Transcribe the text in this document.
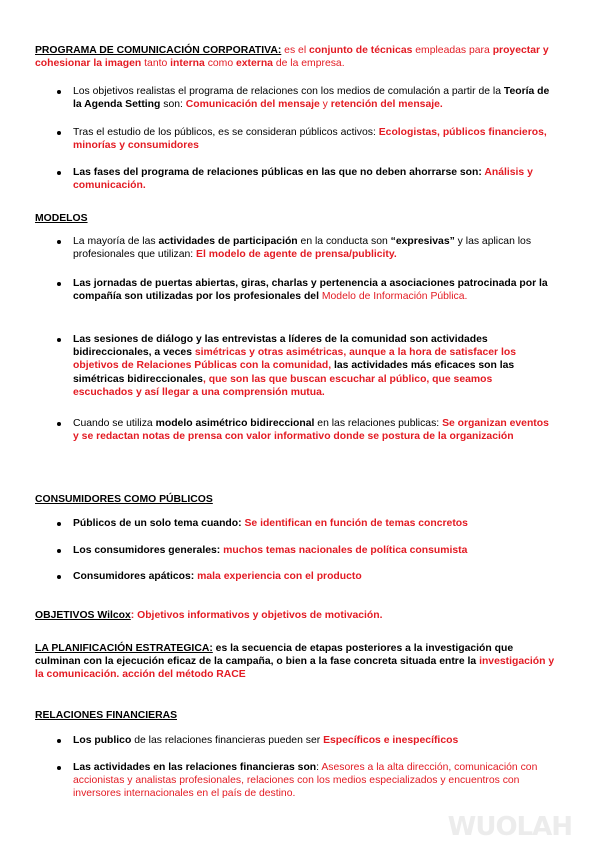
PROGRAMA DE COMUNICACIÓN CORPORATIVA: es el conjunto de técnicas empleadas para proyectar y cohesionar la imagen tanto interna como externa de la empresa.
Los objetivos realistas el programa de relaciones con los medios de comulación a partir de la Teoría de la Agenda Setting son: Comunicación del mensaje y retención del mensaje.
Tras el estudio de los públicos, es se consideran públicos activos: Ecologistas, públicos financieros, minorías y consumidores
Las fases del programa de relaciones públicas en las que no deben ahorrarse son: Análisis y comunicación.
MODELOS
La mayoría de las actividades de participación en la conducta son “expresivas” y las aplican los profesionales que utilizan: El modelo de agente de prensa/publicity.
Las jornadas de puertas abiertas, giras, charlas y pertenencia a asociaciones patrocinada por la compañía son utilizadas por los profesionales del Modelo de Información Pública.
Las sesiones de diálogo y las entrevistas a líderes de la comunidad son actividades bidireccionales, a veces simétricas y otras asimétricas, aunque a la hora de satisfacer los objetivos de Relaciones Públicas con la comunidad, las actividades más eficaces son las simétricas bidireccionales, que son las que buscan escuchar al público, que seamos escuchados y así llegar a una comprensión mutua.
Cuando se utiliza modelo asimétrico bidireccional en las relaciones publicas: Se organizan eventos y se redactan notas de prensa con valor informativo donde se postura de la organización
CONSUMIDORES COMO PÚBLICOS
Públicos de un solo tema cuando: Se identifican en función de temas concretos
Los consumidores generales: muchos temas nacionales de política consumista
Consumidores apáticos: mala experiencia con el producto
OBJETIVOS Wilcox: Objetivos informativos y objetivos de motivación.
LA PLANIFICACIÓN ESTRATEGICA: es la secuencia de etapas posteriores a la investigación que culminan con la ejecución eficaz de la campaña, o bien a la fase concreta situada entre la investigación y la comunicación. acción del método RACE
RELACIONES FINANCIERAS
Los publico de las relaciones financieras pueden ser Específicos e inespecíficos
Las actividades en las relaciones financieras son: Asesores a la alta dirección, comunicación con accionistas y analistas profesionales, relaciones con los medios especializados y encuentros con inversores internacionales en el país de destino.
WUOLAH
